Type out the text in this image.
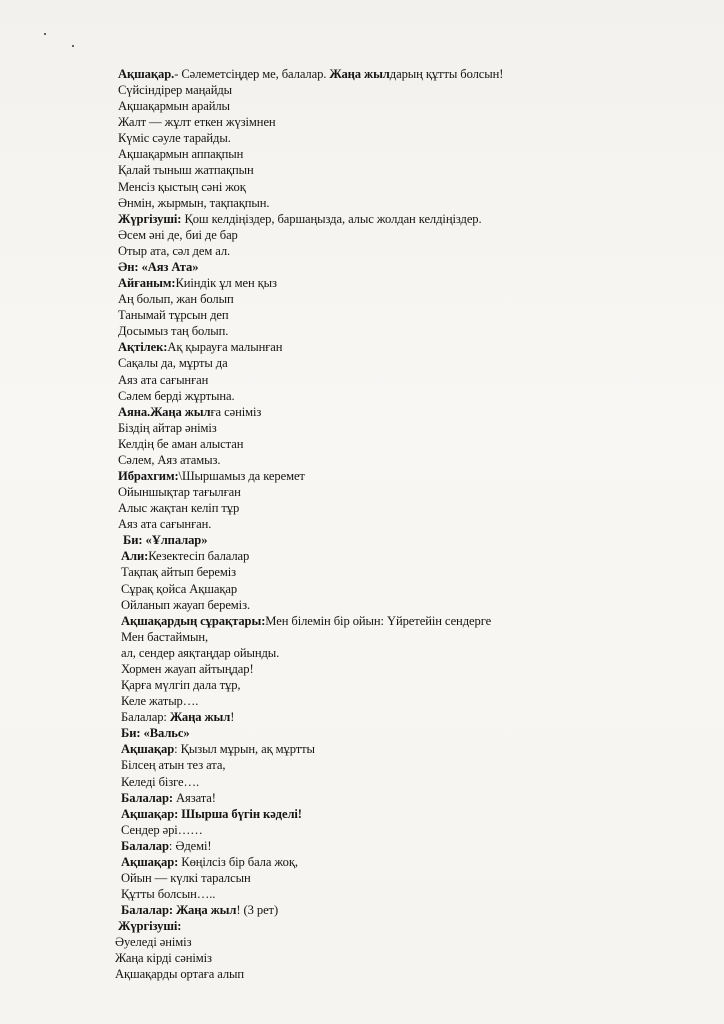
Ақшақар.- Сәлеметсіңдер ме, балалар. Жаңа жылдарың құтты болсын!
Сүйсіндірер маңайды
Ақшақармын арайлы
Жалт — жұлт еткен жүзімнен
Күміс сәуле тарайды.
Ақшақармын аппақпын
Қалай тыныш жатпақпын
Менсіз қыстың сәні жоқ
Әнмін, жырмын, тақпақпын.
Жүргізуші: Қош келдіңіздер, баршаңызда, алыс жолдан келдіңіздер.
Әсем әні де, биі де бар
Отыр ата, сәл дем ал.
Ән: «Аяз Ата»
Айғаным:Киіндік ұл мен қыз
Аң болып, жан болып
Танымай тұрсын деп
Досымыз таң болып.
Ақтілек:Ақ қырауға малынған
Сақалы да, мұрты да
Аяз ата сағынған
Сәлем берді жұртына.
Аяна.Жаңа жылға сәніміз
Біздің айтар әніміз
Келдің бе аман алыстан
Сәлем, Аяз атамыз.
Ибрахгим:\Шыршамыз да керемет
Ойыншықтар тағылған
Алыс жақтан келіп тұр
Аяз ата сағынған.
Би: «Ұлпалар»
Али:Кезектесіп балалар
Тақпақ айтып береміз
Сұрақ қойса Ақшақар
Ойланып жауап береміз.
Ақшақардың сұрақтары:Мен білемін бір ойын: Үйретейін сендерге
Мен бастаймын,
ал, сендер аяқтаңдар ойынды.
Хормен жауап айтыңдар!
Қарға мүлгіп дала тұр,
Келе жатыр….
Балалар: Жаңа жыл!
Би: «Вальс»
Ақшақар: Қызыл мұрын, ақ мұртты
Білсең атын тез ата,
Келеді бізге….
Балалар: Аязата!
Ақшақар: Шырша бүгін кәделі!
Сендер әрі……
Балалар: Әдемі!
Ақшақар: Көңілсіз бір бала жоқ,
Ойын — күлкі таралсын
Құтты болсын…..
Балалар: Жаңа жыл! (3 рет)
Жүргізуші:
Әуеледі әніміз
Жаңа кірді сәніміз
Ақшақарды ортаға алып
